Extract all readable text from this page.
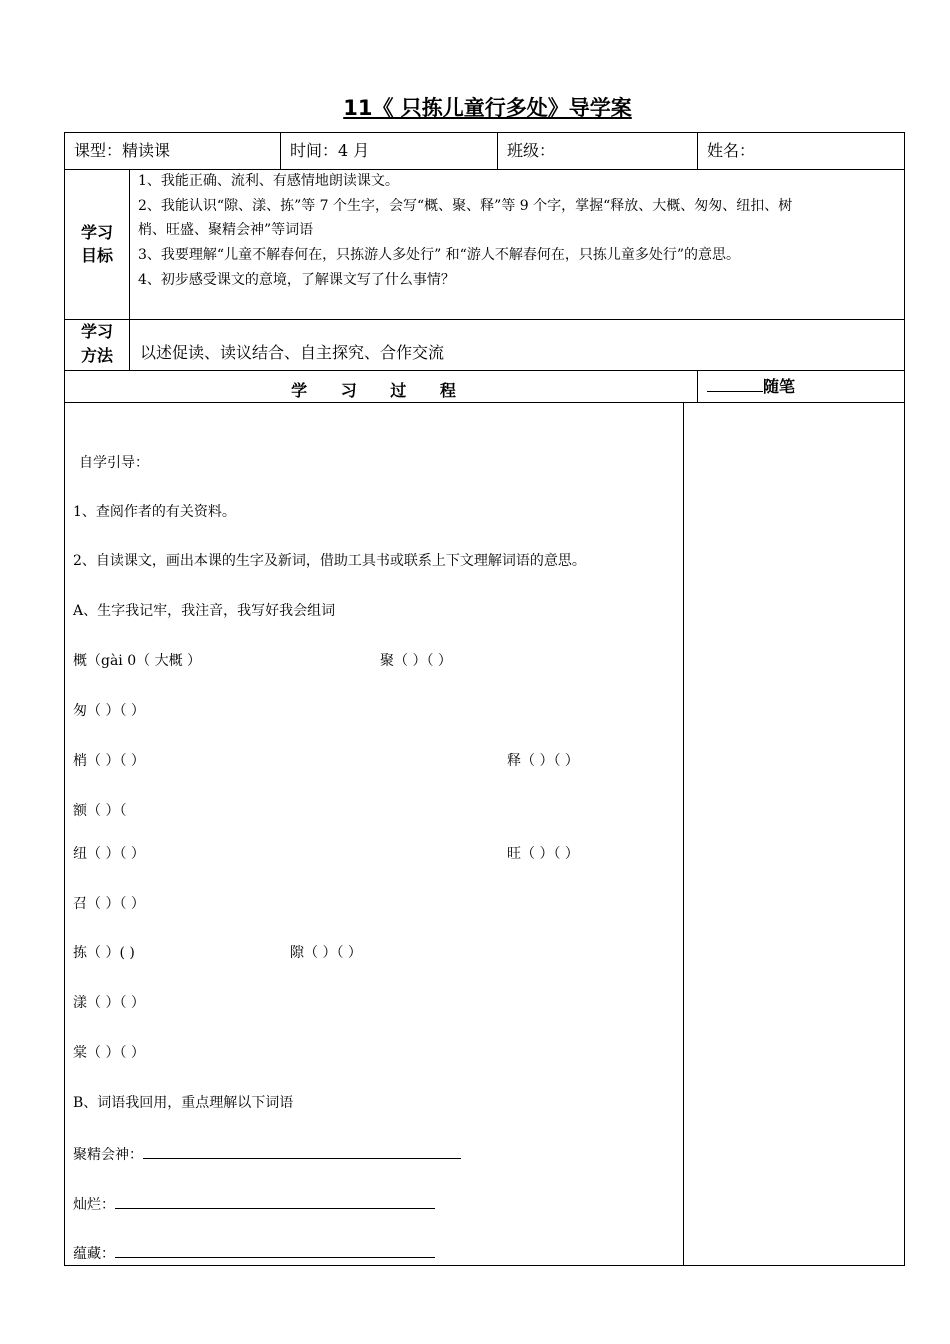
11《 只拣儿童行多处》导学案
课型：精读课	时间：4 月	班级：	姓名：
学习
目标
1、我能正确、流利、有感情地朗读课文。
2、我能认识“隙、漾、拣”等 7 个生字，会写“概、聚、释”等 9 个字，掌握“释放、大概、匆匆、纽扣、树
梢、旺盛、聚精会神”等词语
3、我要理解“儿童不解春何在，只拣游人多处行” 和“游人不解春何在，只拣儿童多处行”的意思。
4、初步感受课文的意境，了解课文写了什么事情？
学习
方法	以述促读、读议结合、自主探究、合作交流
学 习 过 程	随笔
自学引导：
1、查阅作者的有关资料。
2、自读课文，画出本课的生字及新词，借助工具书或联系上下文理解词语的意思。
A、生字我记牢，我注音，我写好我会组词
概（gài 0（ 大概 ）	聚（ ）（ ）
匆（ ）（ ）
梢（ ）（ ）	释（ ）（ ）
额（ ）（
纽（ ）（ ）	旺（ ）（ ）
召（ ）（ ）
拣（ ）( )	隙（ ）（ ）
漾（ ）（ ）
棠（ ）（ ）
B、词语我回用，重点理解以下词语
聚精会神：
灿烂：
蕴藏：
